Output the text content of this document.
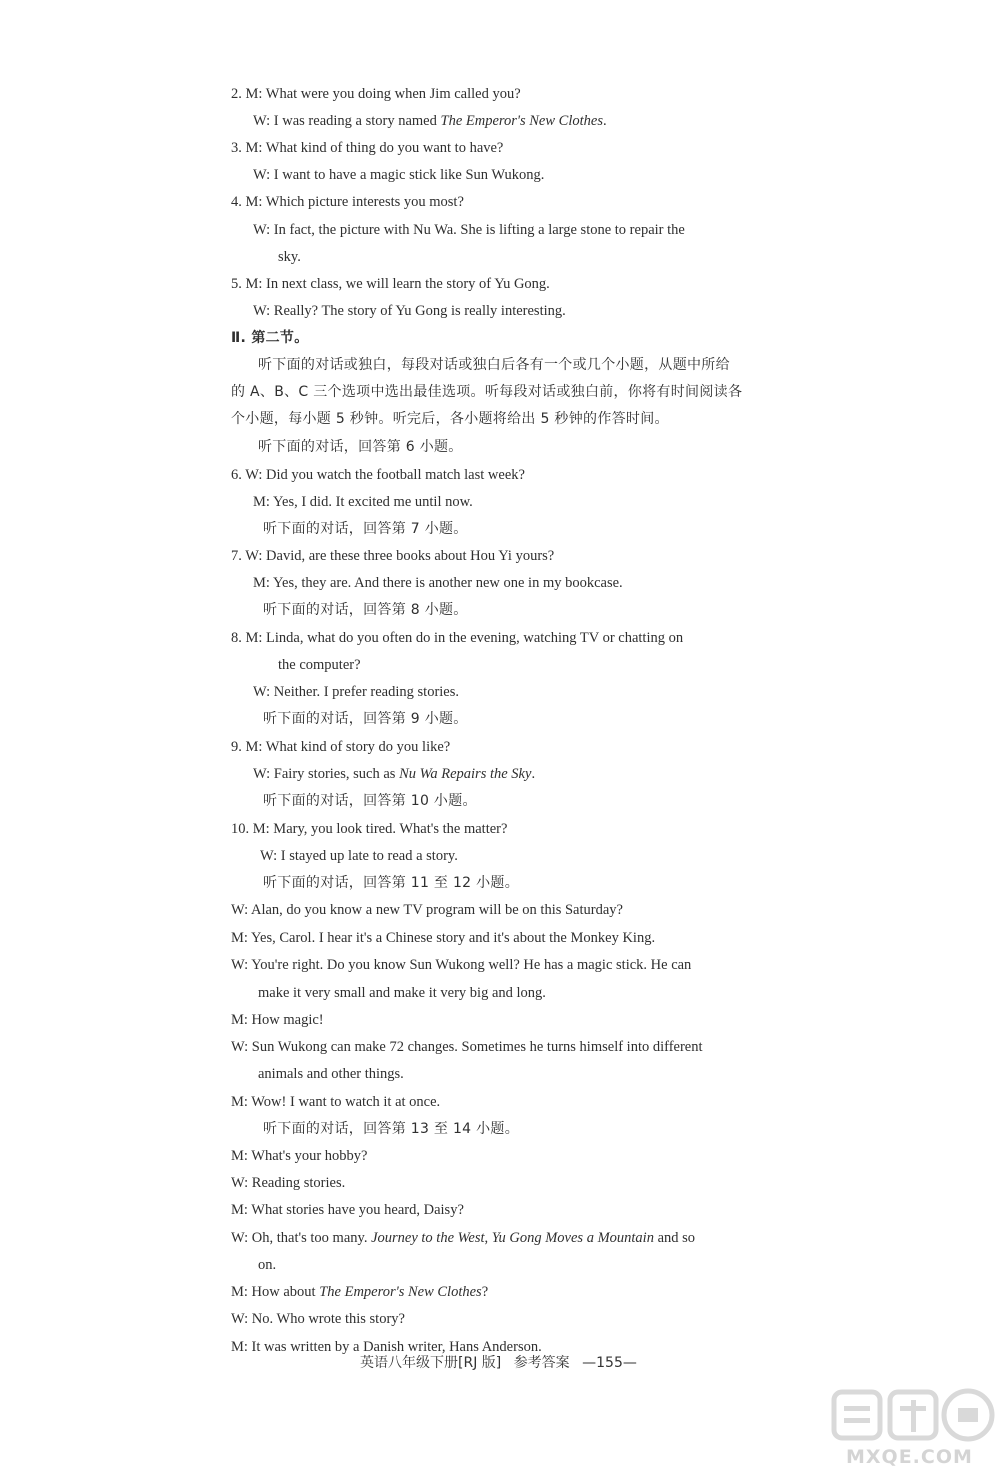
2. M: What were you doing when Jim called you?
W: I was reading a story named The Emperor's New Clothes.
3. M: What kind of thing do you want to have?
W: I want to have a magic stick like Sun Wukong.
4. M: Which picture interests you most?
W: In fact, the picture with Nu Wa. She is lifting a large stone to repair the
sky.
5. M: In next class, we will learn the story of Yu Gong.
W: Really? The story of Yu Gong is really interesting.
Ⅱ. 第二节。
听下面的对话或独白，每段对话或独白后各有一个或几个小题，从题中所给
的 A、B、C 三个选项中选出最佳选项。听每段对话或独白前，你将有时间阅读各
个小题，每小题 5 秒钟。听完后，各小题将给出 5 秒钟的作答时间。
听下面的对话，回答第 6 小题。
6. W: Did you watch the football match last week?
M: Yes, I did. It excited me until now.
听下面的对话，回答第 7 小题。
7. W: David, are these three books about Hou Yi yours?
M: Yes, they are. And there is another new one in my bookcase.
听下面的对话，回答第 8 小题。
8. M: Linda, what do you often do in the evening, watching TV or chatting on
the computer?
W: Neither. I prefer reading stories.
听下面的对话，回答第 9 小题。
9. M: What kind of story do you like?
W: Fairy stories, such as Nu Wa Repairs the Sky.
听下面的对话，回答第 10 小题。
10. M: Mary, you look tired. What's the matter?
W: I stayed up late to read a story.
听下面的对话，回答第 11 至 12 小题。
W: Alan, do you know a new TV program will be on this Saturday?
M: Yes, Carol. I hear it's a Chinese story and it's about the Monkey King.
W: You're right. Do you know Sun Wukong well? He has a magic stick. He can
make it very small and make it very big and long.
M: How magic!
W: Sun Wukong can make 72 changes. Sometimes he turns himself into different
animals and other things.
M: Wow! I want to watch it at once.
听下面的对话，回答第 13 至 14 小题。
M: What's your hobby?
W: Reading stories.
M: What stories have you heard, Daisy?
W: Oh, that's too many. Journey to the West, Yu Gong Moves a Mountain and so
on.
M: How about The Emperor's New Clothes?
W: No. Who wrote this story?
M: It was written by a Danish writer, Hans Anderson.
英语八年级下册[RJ 版] 参考答案 —155—
MXQE.COM
